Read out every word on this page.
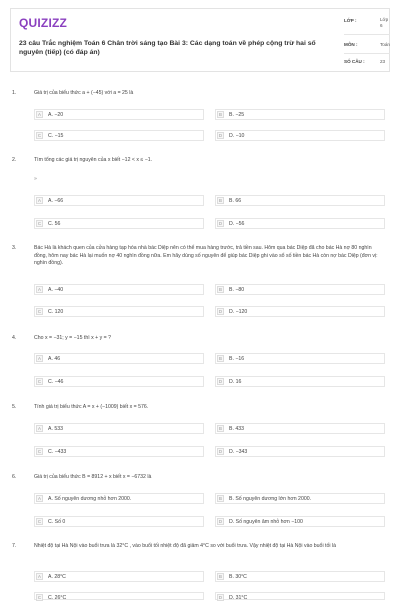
QUIZIZZ
23 câu Trắc nghiệm Toán 6 Chân trời sáng tạo Bài 3: Các dạng toán về phép cộng trừ hai số nguyên (tiếp) (có đáp án)
LỚP :	Lớp 6
MÔN :	Toán
SỐ CÂU :	23
1.	Giá trị của biểu thức a + (−45) với a = 25 là
A	A. −20	B	B. −25
C	C. −15	D	D. −10
2.	Tìm tổng các giá trị nguyên của x biết −12 < x ≤ −1.
»
A	A. −66	B	B. 66
C	C. 56	D	D. −56
3.	Bác Hà là khách quen của cửa hàng tạp hóa nhà bác Diệp nên có thể mua hàng trước, trả tiền sau. Hôm qua bác Diệp đã cho bác Hà nợ 80 nghìn đồng, hôm nay bác Hà lại muốn nợ 40 nghìn đồng nữa. Em hãy dùng số nguyên để giúp bác Diệp ghi vào sổ số tiền bác Hà còn nợ bác Diệp (đơn vị: nghìn đồng).
A	A. −40	B	B. −80
C	C. 120	D	D. −120
4.	Cho x = −31; y = −15 thì x + y = ?
A	A. 46	B	B. −16
C	C. −46	D	D. 16
5.	Tính giá trị biểu thức A = x + (−1009) biết x = 576.
A	A. 533	B	B. 433
C	C. −433	D	D. −343
6.	Giá trị của biểu thức B = 8912 + x biết x = −6732 là
A	A. Số nguyên dương nhỏ hơn 2000.	B	B. Số nguyên dương lớn hơn 2000.
C	C. Số 0	D	D. Số nguyên âm nhỏ hơn −100
7.	Nhiệt độ tại Hà Nội vào buổi trưa là 32°C , vào buổi tối nhiệt độ đã giảm 4°C so với buổi trưa. Vậy nhiệt độ tại Hà Nội vào buổi tối là
A	A. 28°C	B	B. 30°C
C	C. 26°C	D	D. 31°C
